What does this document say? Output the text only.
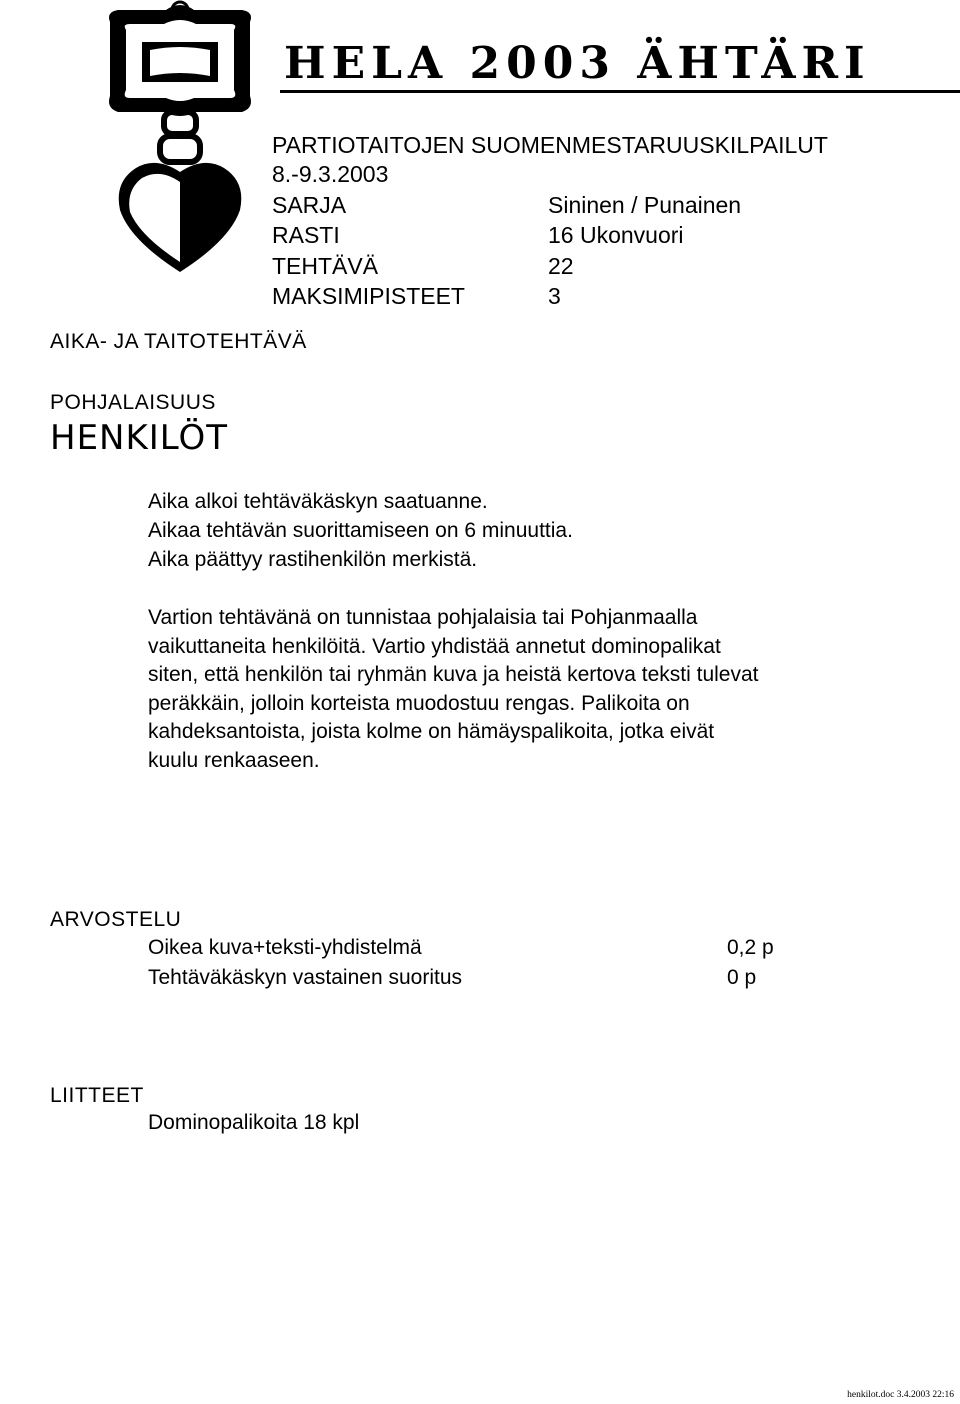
HELA 2003 ÄHTÄRI
PARTIOTAITOJEN SUOMENMESTARUUSKILPAILUT
8.-9.3.2003
SARJA	Sininen / Punainen
RASTI	16 Ukonvuori
TEHTÄVÄ	22
MAKSIMIPISTEET	3
AIKA- JA TAITOTEHTÄVÄ
POHJALAISUUS
HENKILÖT
Aika alkoi tehtäväkäskyn saatuanne.
Aikaa tehtävän suorittamiseen on 6 minuuttia.
Aika päättyy rastihenkilön merkistä.
Vartion tehtävänä on tunnistaa pohjalaisia tai Pohjanmaalla
vaikuttaneita henkilöitä. Vartio yhdistää annetut dominopalikat
siten, että henkilön tai ryhmän kuva ja heistä kertova teksti tulevat
peräkkäin, jolloin korteista muodostuu rengas. Palikoita on
kahdeksantoista, joista kolme on hämäyspalikoita, jotka eivät
kuulu renkaaseen.
ARVOSTELU
Oikea kuva+teksti-yhdistelmä	0,2 p
Tehtäväkäskyn vastainen suoritus	0 p
LIITTEET
Dominopalikoita 18 kpl
henkilot.doc 3.4.2003 22:16
